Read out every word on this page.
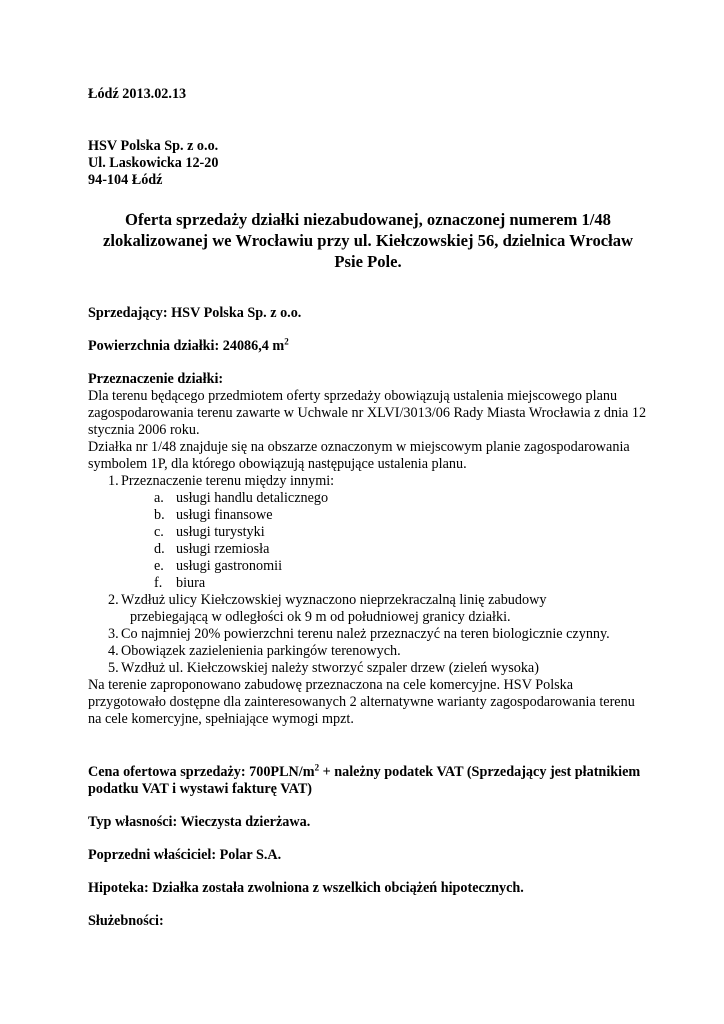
Łódź 2013.02.13

HSV Polska Sp. z o.o.

Ul. Laskowicka 12-20

94-104 Łódź

Oferta sprzedaży działki niezabudowanej, oznaczonej numerem 1/48 zlokalizowanej we Wrocławiu przy ul. Kiełczowskiej 56, dzielnica Wrocław Psie Pole.

Sprzedający: HSV Polska Sp. z o.o.

Powierzchnia działki: 24086,4 $m^2$

Przeznaczenie działki:

Dla terenu będącego przedmiotem oferty sprzedaży obowiązują ustalenia miejscowego planu zagospodarowania terenu zawarte w Uchwale nr XLVI/3013/06 Rady Miasta Wrocławia z dnia 12 stycznia 2006 roku.

Działka nr 1/48 znajduje się na obszarze oznaczonym w miejscowym planie zagospodarowania symbolem 1P, dla którego obowiązują następujące ustalenia planu.

1. Przeznaczenie terenu między innymi:
a. usługi handlu detalicznego
b. usługi finansowe
c. usługi turystyki
d. usługi rzemiosła
e. usługi gastronomii
f. biura
2. Wzdłuż ulicy Kiełczowskiej wyznaczono nieprzekraczalną linię zabudowy
przebiegającą w odległości ok 9 m od południowej granicy działki.
3. Co najmniej 20% powierzchni terenu należ przeznaczyć na teren biologicznie czynny.
4. Obowiązek zazielenienia parkingów terenowych.
5. Wzdłuż ul. Kiełczowskiej należy stworzyć szpaler drzew (zieleń wysoka)

Na terenie zaproponowano zabudowę przeznaczona na cele komercyjne. HSV Polska przygotowało dostępne dla zainteresowanych 2 alternatywne warianty zagospodarowania terenu na cele komercyjne, spełniające wymogi mpzt.

Cena ofertowa sprzedaży: $700PLN/m^2$ + należny podatek VAT (Sprzedający jest płatnikiem podatku VAT i wystawi fakturę VAT)

Typ własności: Wieczysta dzierżawa.

Poprzedni właściciel: Polar S.A.

Hipoteka: Działka została zwolniona z wszelkich obciążeń hipotecznych.

Służebności:
